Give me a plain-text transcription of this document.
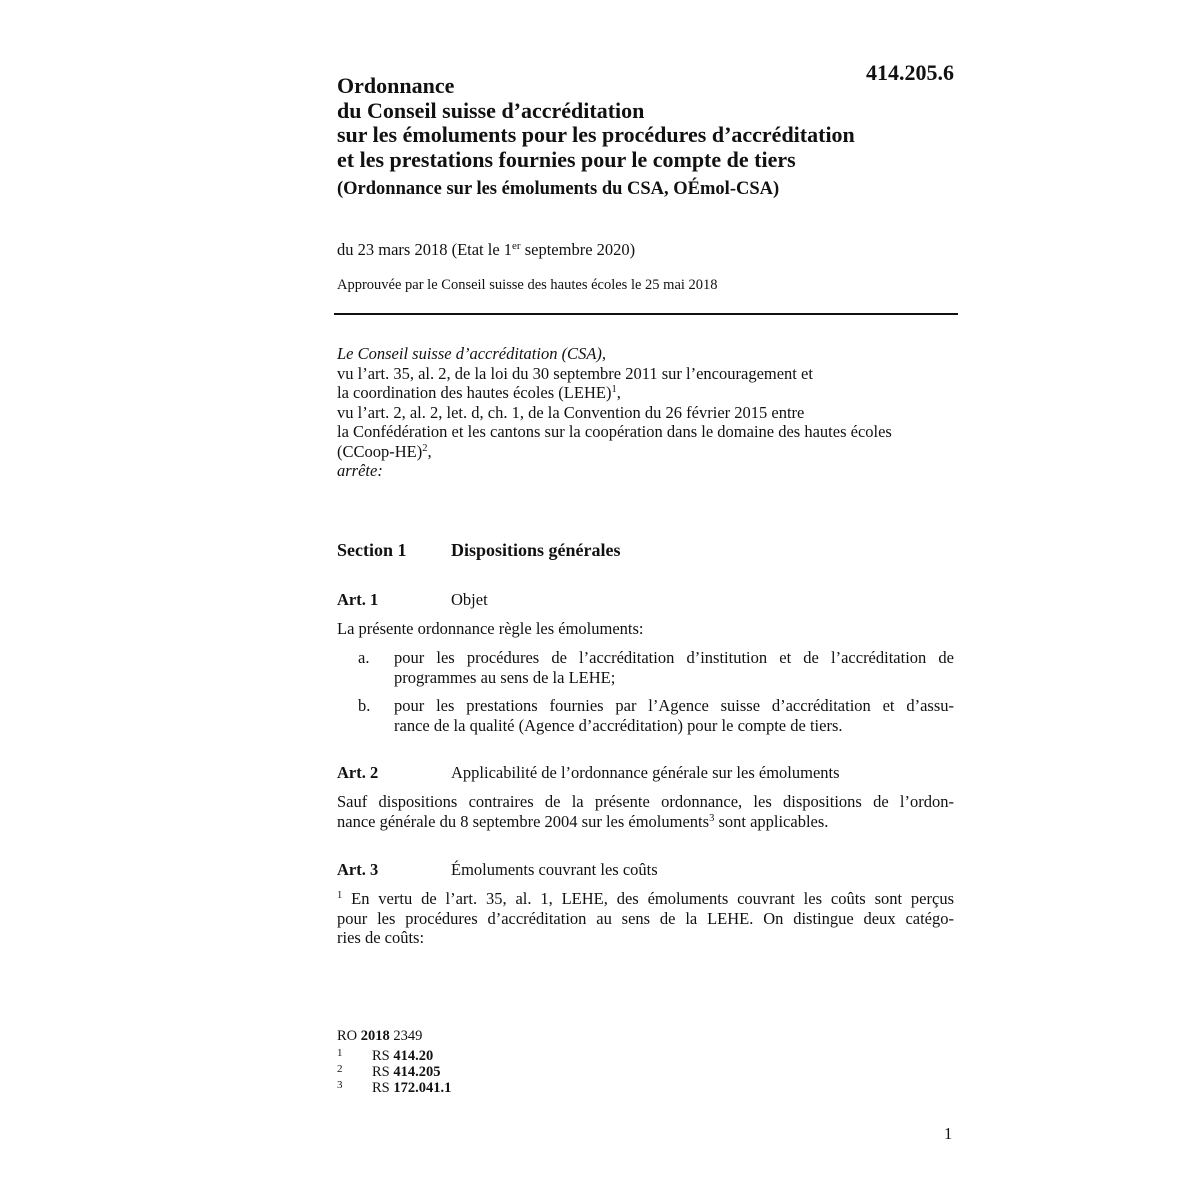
414.205.6
Ordonnance
du Conseil suisse d’accréditation
sur les émoluments pour les procédures d’accréditation
et les prestations fournies pour le compte de tiers
(Ordonnance sur les émoluments du CSA, OÉmol-CSA)
du 23 mars 2018 (Etat le 1er septembre 2020)
Approuvée par le Conseil suisse des hautes écoles le 25 mai 2018
Le Conseil suisse d’accréditation (CSA),
vu l’art. 35, al. 2, de la loi du 30 septembre 2011 sur l’encouragement et
la coordination des hautes écoles (LEHE)$^1$,
vu l’art. 2, al. 2, let. d, ch. 1, de la Convention du 26 février 2015 entre
la Confédération et les cantons sur la coopération dans le domaine des hautes écoles
(CCoop-HE)$^2$,
arrête:
Section 1 Dispositions générales
Art. 1	Objet
La présente ordonnance règle les émoluments:
a. pour les procédures de l’accréditation d’institution et de l’accréditation de
programmes au sens de la LEHE;
b. pour les prestations fournies par l’Agence suisse d’accréditation et d’assu-
rance de la qualité (Agence d’accréditation) pour le compte de tiers.
Art. 2	Applicabilité de l’ordonnance générale sur les émoluments
Sauf dispositions contraires de la présente ordonnance, les dispositions de l’ordon-
nance générale du 8 septembre 2004 sur les émoluments$^3$ sont applicables.
Art. 3	Émoluments couvrant les coûts
$^1$ En vertu de l’art. 35, al. 1, LEHE, des émoluments couvrant les coûts sont perçus
pour les procédures d’accréditation au sens de la LEHE. On distingue deux catégo-
ries de coûts:
RO 2018 2349
1 RS 414.20
2 RS 414.205
3 RS 172.041.1
1
